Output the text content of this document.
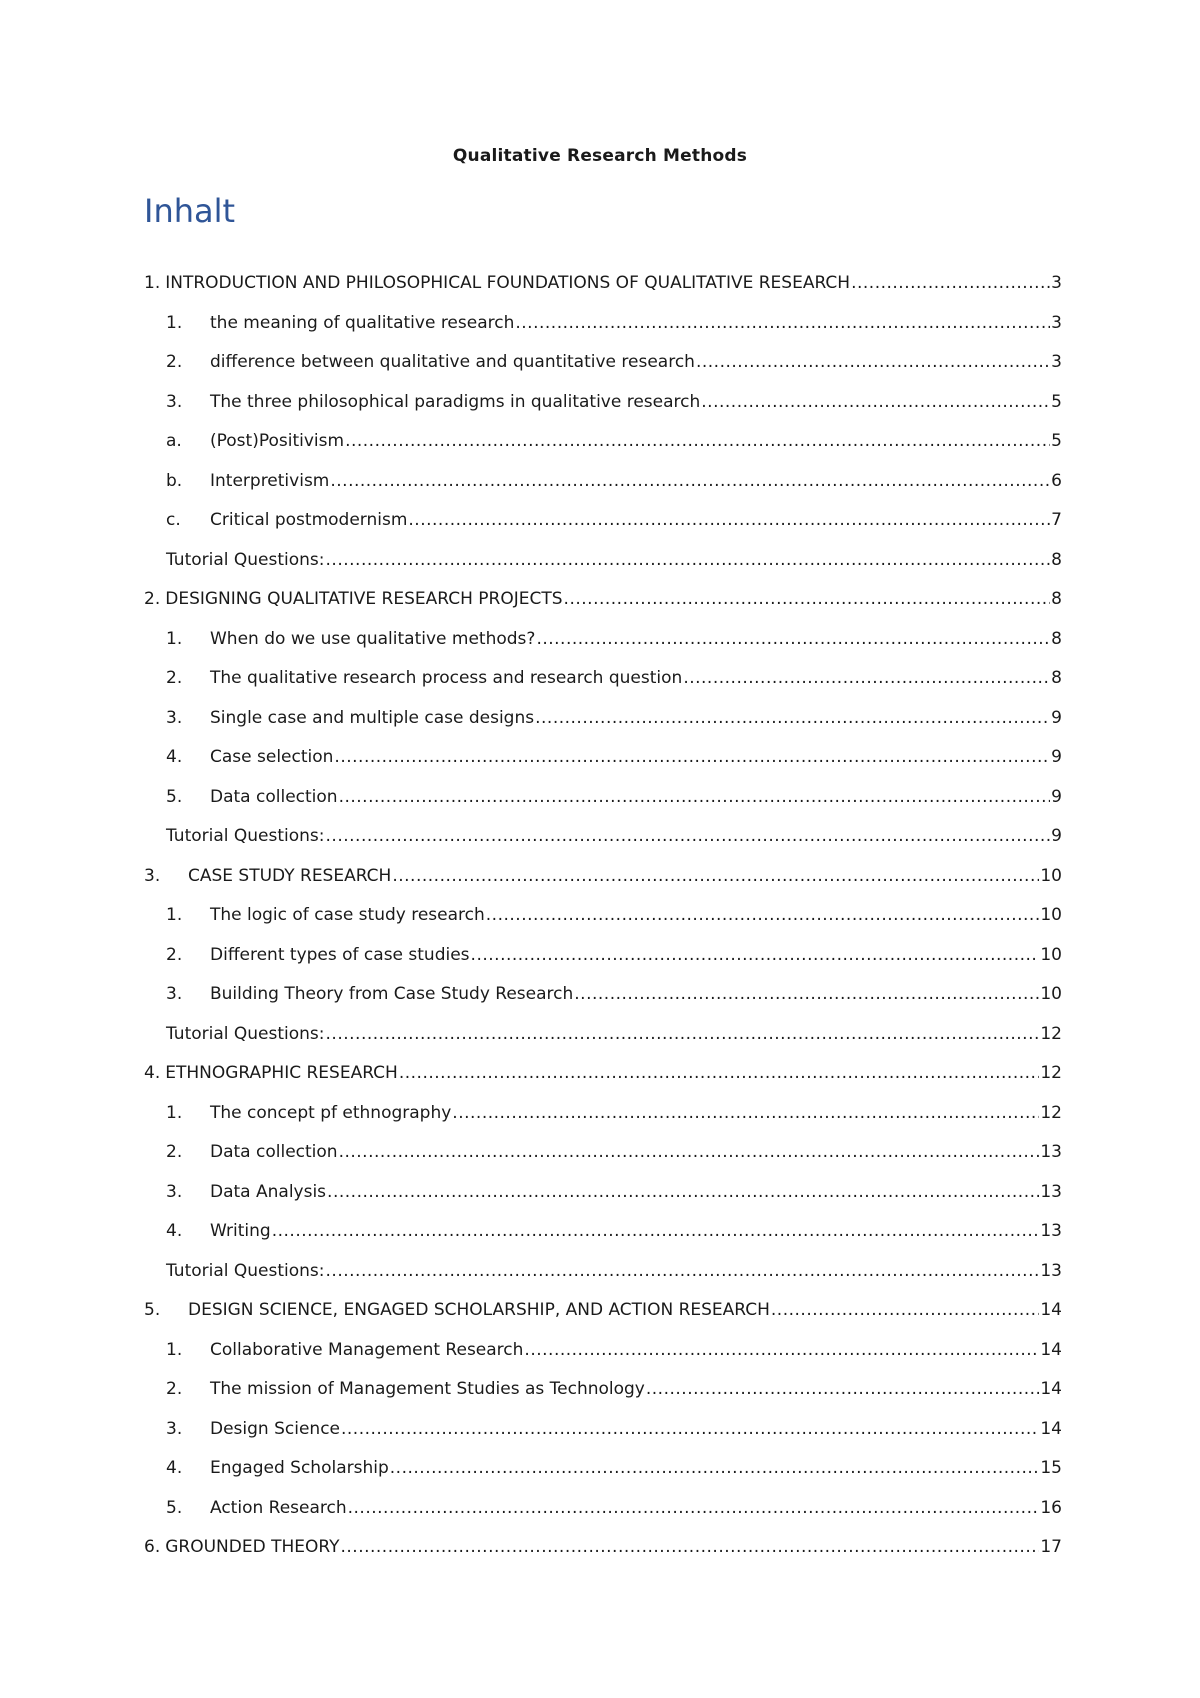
Qualitative Research Methods
Inhalt
1. INTRODUCTION AND PHILOSOPHICAL FOUNDATIONS OF QUALITATIVE RESEARCH .....	3
1.	the meaning of qualitative research .....	3
2.	difference between qualitative and quantitative research .....	3
3.	The three philosophical paradigms in qualitative research .....	5
a.	(Post)Positivism .....	5
b.	Interpretivism .....	6
c.	Critical postmodernism .....	7
Tutorial Questions: .....	8
2. DESIGNING QUALITATIVE RESEARCH PROJECTS .....	8
1.	When do we use qualitative methods? .....	8
2.	The qualitative research process and research question .....	8
3.	Single case and multiple case designs .....	9
4.	Case selection .....	9
5.	Data collection .....	9
Tutorial Questions: .....	9
3.	CASE STUDY RESEARCH .....	10
1.	The logic of case study research .....	10
2.	Different types of case studies .....	10
3.	Building Theory from Case Study Research .....	10
Tutorial Questions: .....	12
4. ETHNOGRAPHIC RESEARCH .....	12
1.	The concept pf ethnography .....	12
2.	Data collection .....	13
3.	Data Analysis .....	13
4.	Writing .....	13
Tutorial Questions: .....	13
5.	DESIGN SCIENCE, ENGAGED SCHOLARSHIP, AND ACTION RESEARCH .....	14
1.	Collaborative Management Research .....	14
2.	The mission of Management Studies as Technology .....	14
3.	Design Science .....	14
4.	Engaged Scholarship .....	15
5.	Action Research .....	16
6. GROUNDED THEORY .....	17
